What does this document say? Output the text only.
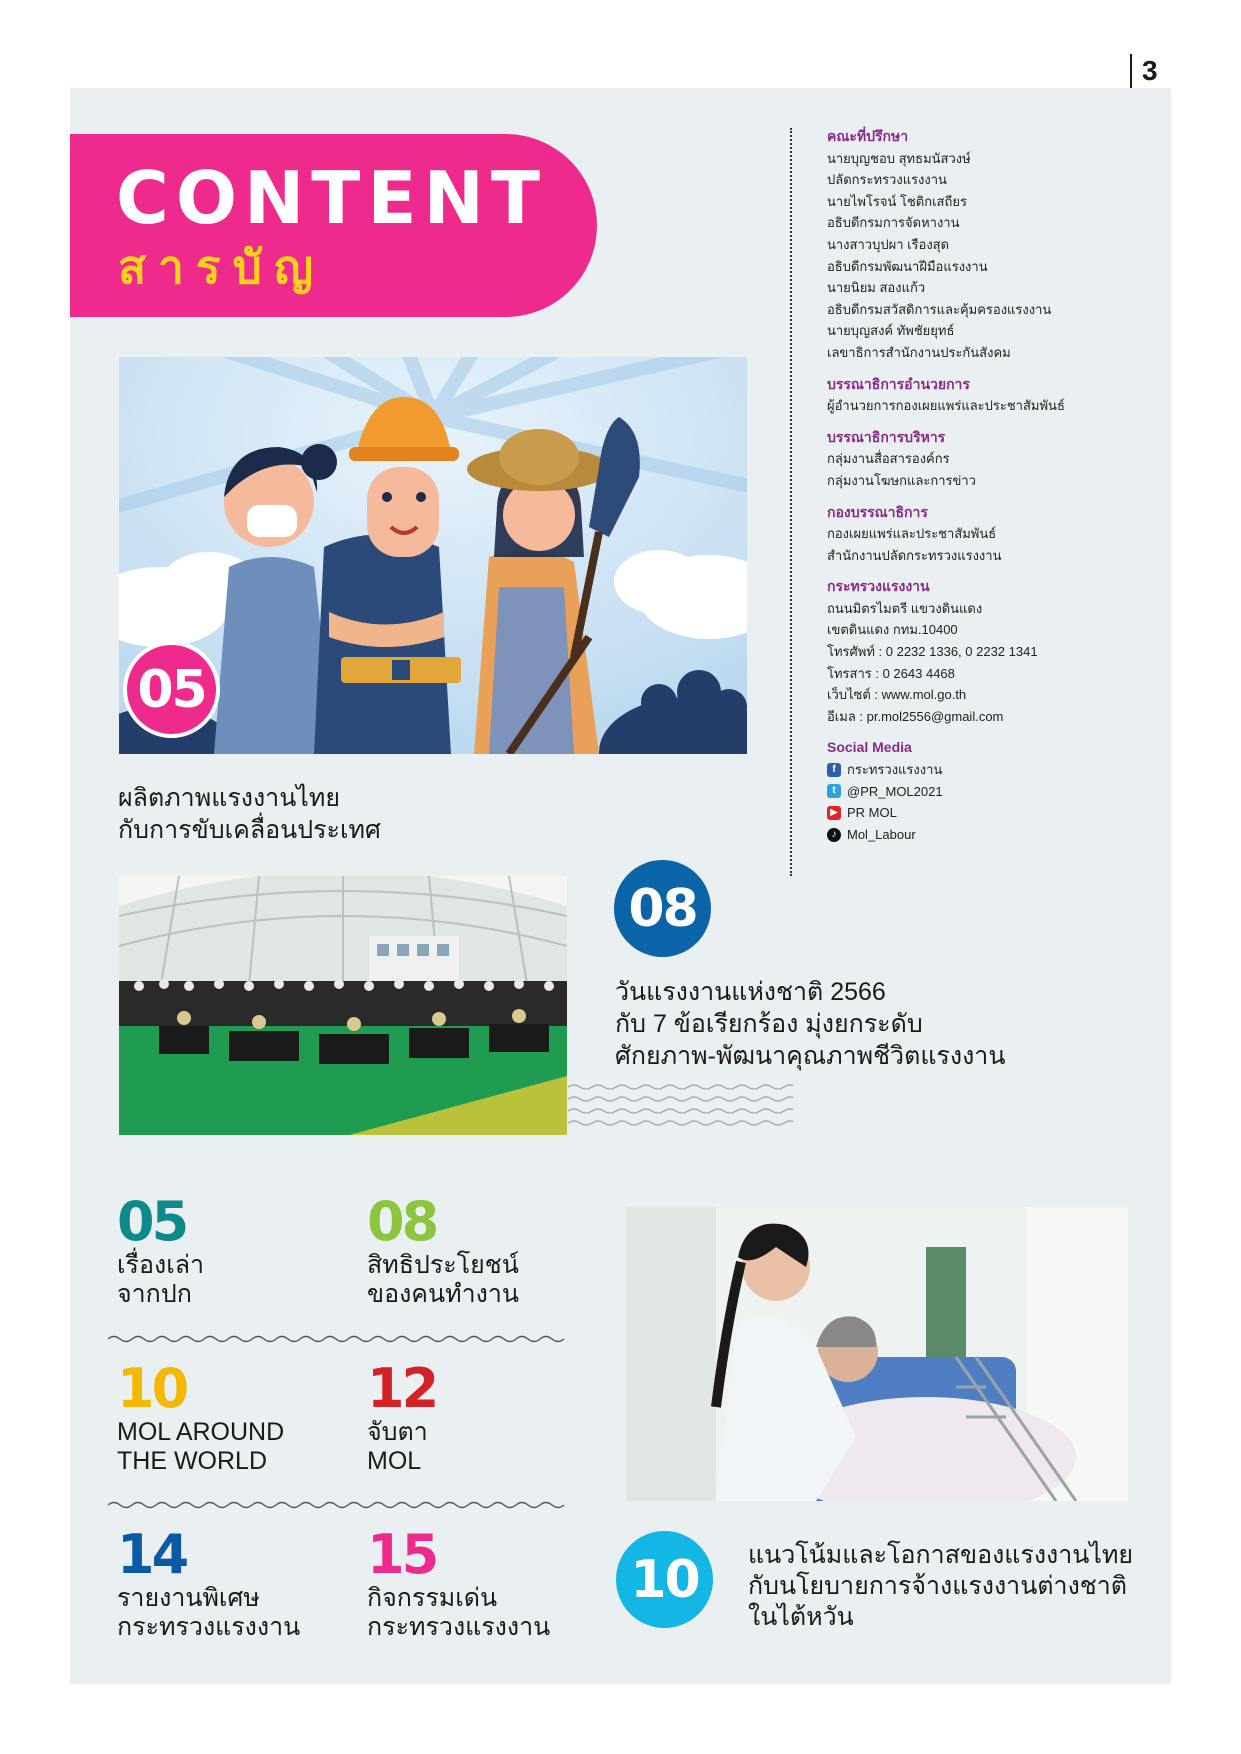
3
CONTENT
สารบัญ
05
ผลิตภาพแรงงานไทย
กับการขับเคลื่อนประเทศ
08
วันแรงงานแห่งชาติ 2566
กับ 7 ข้อเรียกร้อง มุ่งยกระดับ
ศักยภาพ-พัฒนาคุณภาพชีวิตแรงงาน
คณะที่ปรึกษา
นายบุญชอบ สุทธมนัสวงษ์
ปลัดกระทรวงแรงงาน
นายไพโรจน์ โชติกเสถียร
อธิบดีกรมการจัดหางาน
นางสาวบุปผา เรืองสุด
อธิบดีกรมพัฒนาฝีมือแรงงาน
นายนิยม สองแก้ว
อธิบดีกรมสวัสดิการและคุ้มครองแรงงาน
นายบุญสงค์ ทัพชัยยุทธ์
เลขาธิการสำนักงานประกันสังคม
บรรณาธิการอำนวยการ
ผู้อำนวยการกองเผยแพร่และประชาสัมพันธ์
บรรณาธิการบริหาร
กลุ่มงานสื่อสารองค์กร
กลุ่มงานโฆษกและการข่าว
กองบรรณาธิการ
กองเผยแพร่และประชาสัมพันธ์
สำนักงานปลัดกระทรวงแรงงาน
กระทรวงแรงงาน
ถนนมิตรไมตรี แขวงดินแดง
เขตดินแดง กทม.10400
โทรศัพท์ : 0 2232 1336, 0 2232 1341
โทรสาร : 0 2643 4468
เว็บไซต์ : www.mol.go.th
อีเมล : pr.mol2556@gmail.com
Social Media
f กระทรวงแรงงาน
t @PR_MOL2021
▶ PR MOL
♪ Mol_Labour
05
เรื่องเล่า
จากปก
08
สิทธิประโยชน์
ของคนทำงาน
10
MOL AROUND
THE WORLD
12
จับตา
MOL
14
รายงานพิเศษ
กระทรวงแรงงาน
15
กิจกรรมเด่น
กระทรวงแรงงาน
10	แนวโน้มและโอกาสของแรงงานไทย
กับนโยบายการจ้างแรงงานต่างชาติ
ในไต้หวัน
